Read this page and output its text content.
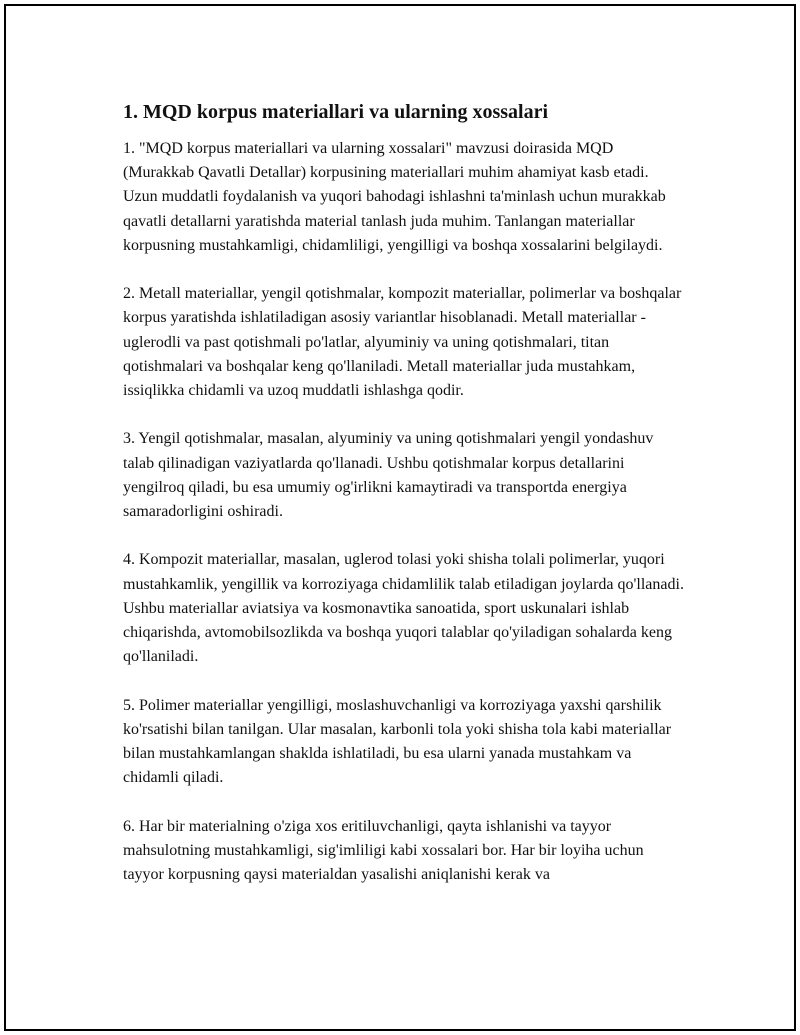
1. MQD korpus materiallari va ularning xossalari

1. "MQD korpus materiallari va ularning xossalari" mavzusi doirasida MQD (Murakkab Qavatli Detallar) korpusining materiallari muhim ahamiyat kasb etadi. Uzun muddatli foydalanish va yuqori bahodagi ishlashni ta'minlash uchun murakkab qavatli detallarni yaratishda material tanlash juda muhim. Tanlangan materiallar korpusning mustahkamligi, chidamliligi, yengilligi va boshqa xossalarini belgilaydi.

2. Metall materiallar, yengil qotishmalar, kompozit materiallar, polimerlar va boshqalar korpus yaratishda ishlatiladigan asosiy variantlar hisoblanadi. Metall materiallar - uglerodli va past qotishmali po'latlar, alyuminiy va uning qotishmalari, titan qotishmalari va boshqalar keng qo'llaniladi. Metall materiallar juda mustahkam, issiqlikka chidamli va uzoq muddatli ishlashga qodir.

3. Yengil qotishmalar, masalan, alyuminiy va uning qotishmalari yengil yondashuv talab qilinadigan vaziyatlarda qo'llanadi. Ushbu qotishmalar korpus detallarini yengilroq qiladi, bu esa umumiy og'irlikni kamaytiradi va transportda energiya samaradorligini oshiradi.

4. Kompozit materiallar, masalan, uglerod tolasi yoki shisha tolali polimerlar, yuqori mustahkamlik, yengillik va korroziyaga chidamlilik talab etiladigan joylarda qo'llanadi. Ushbu materiallar aviatsiya va kosmonavtika sanoatida, sport uskunalari ishlab chiqarishda, avtomobilsozlikda va boshqa yuqori talablar qo'yiladigan sohalarda keng qo'llaniladi.

5. Polimer materiallar yengilligi, moslashuvchanligi va korroziyaga yaxshi qarshilik ko'rsatishi bilan tanilgan. Ular masalan, karbonli tola yoki shisha tola kabi materiallar bilan mustahkamlangan shaklda ishlatiladi, bu esa ularni yanada mustahkam va chidamli qiladi.

6. Har bir materialning o'ziga xos eritiluvchanligi, qayta ishlanishi va tayyor mahsulotning mustahkamligi, sig'imliligi kabi xossalari bor. Har bir loyiha uchun tayyor korpusning qaysi materialdan yasalishi aniqlanishi kerak va
